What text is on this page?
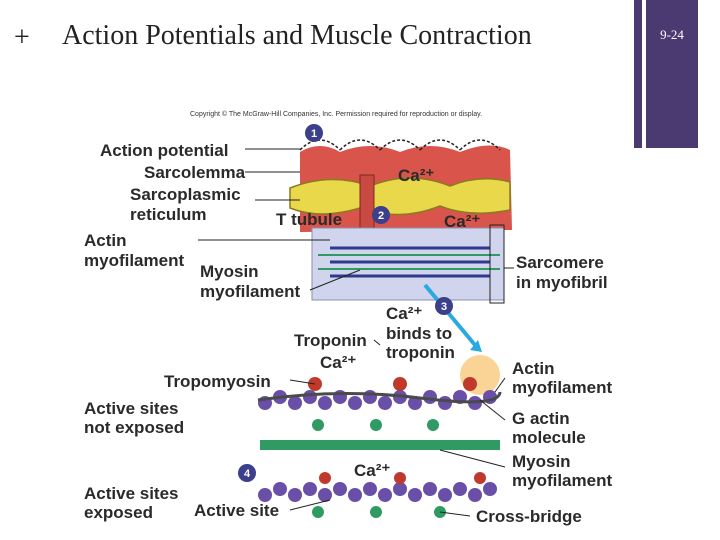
+ Action Potentials and Muscle Contraction	9-24
Copyright © The McGraw-Hill Companies, Inc. Permission required for reproduction or display.
1
2
3
4
Action potential
Sarcolemma
Sarcoplasmic
reticulum	T tubule
Ca²⁺
Ca²⁺
Actin
myofilament
Myosin
myofilament
Sarcomere
in myofibril
Ca²⁺
binds to
troponin
Troponin
Ca²⁺
Tropomyosin
Active sites
not exposed
Actin
myofilament
G actin
molecule
Myosin
myofilament
Ca²⁺
Active sites
exposed Active site	Cross-bridge
